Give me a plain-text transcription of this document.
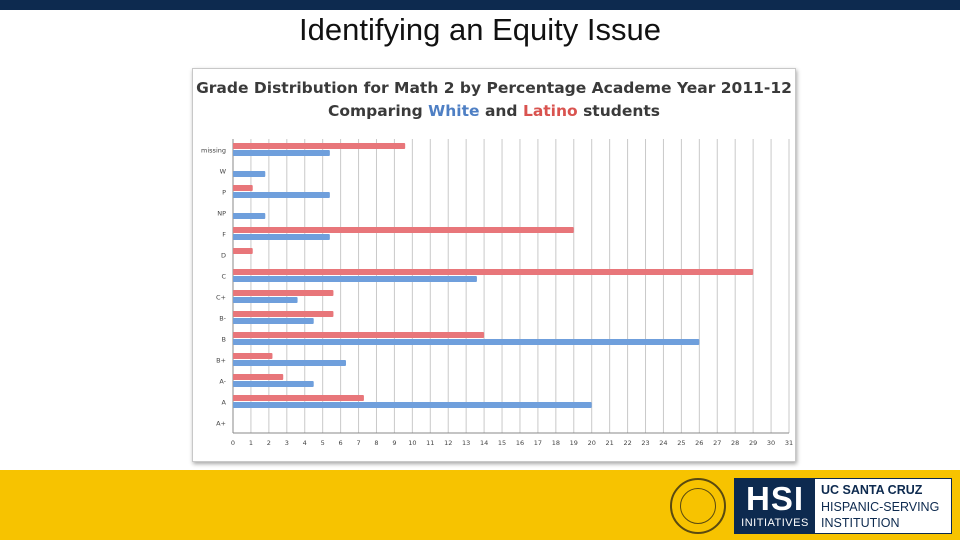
Identifying an Equity Issue
Grade Distribution for Math 2 by Percentage Academe Year 2011-12
Comparing White and Latino students
missing
W
P
NP
F
D
C
C+
B-
B
B+
A-
A
A+
0 1 2 3 4 5 6 7 8 9 10 11 12 13 14 15 16 17 18 19 20 21 22 23 24 25 26 27 28 29 30 31
HSI
INITIATIVES
UC SANTA CRUZ
HISPANIC-SERVING
INSTITUTION
